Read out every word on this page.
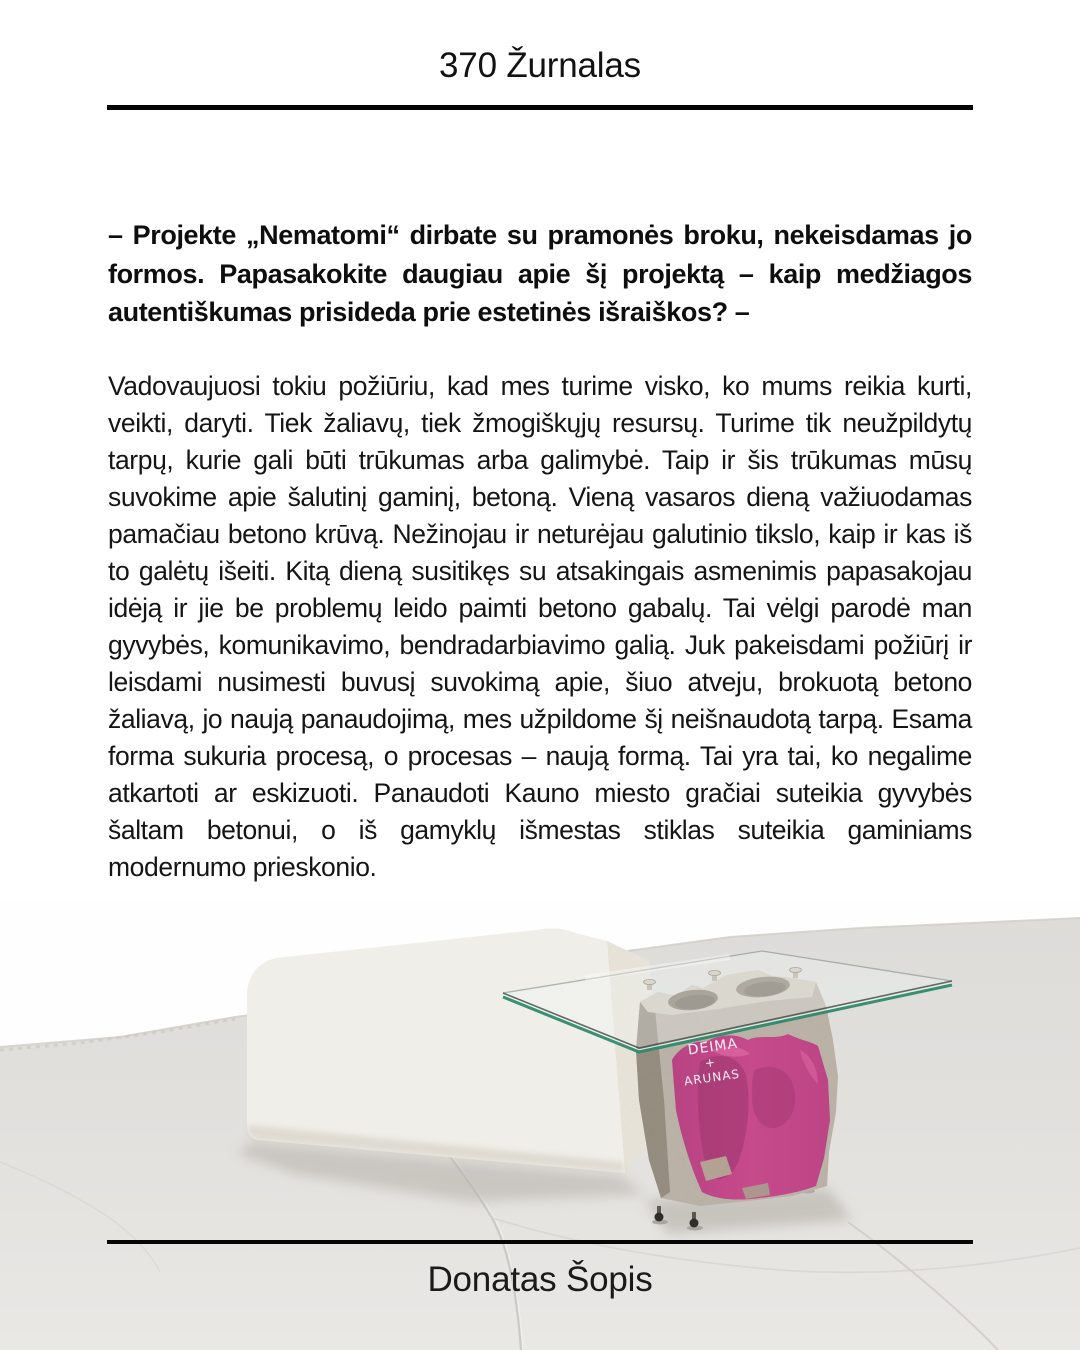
370 Žurnalas

– Projekte „Nematomi“ dirbate su pramonės broku, nekeisdamas jo formos. Papasakokite daugiau apie šį projektą – kaip medžiagos autentiškumas prisideda prie estetinės išraiškos? –

Vadovaujuosi tokiu požiūriu, kad mes turime visko, ko mums reikia kurti, veikti, daryti. Tiek žaliavų, tiek žmogiškųjų resursų. Turime tik neužpildytų tarpų, kurie gali būti trūkumas arba galimybė. Taip ir šis trūkumas mūsų suvokime apie šalutinį gaminį, betoną. Vieną vasaros dieną važiuodamas pamačiau betono krūvą. Nežinojau ir neturėjau galutinio tikslo, kaip ir kas iš to galėtų išeiti. Kitą dieną susitikęs su atsakingais asmenimis papasakojau idėją ir jie be problemų leido paimti betono gabalų. Tai vėlgi parodė man gyvybės, komunikavimo, bendradarbiavimo galią. Juk pakeisdami požiūrį ir leisdami nusimesti buvusį suvokimą apie, šiuo atveju, brokuotą betono žaliavą, jo naują panaudojimą, mes užpildome šį neišnaudotą tarpą. Esama forma sukuria procesą, o procesas – naują formą. Tai yra tai, ko negalime atkartoti ar eskizuoti. Panaudoti Kauno miesto gračiai suteikia gyvybės šaltam betonui, o iš gamyklų išmestas stiklas suteikia gaminiams modernumo prieskonio.

DEIMA
+
ARUNAS
Donatas Šopis
